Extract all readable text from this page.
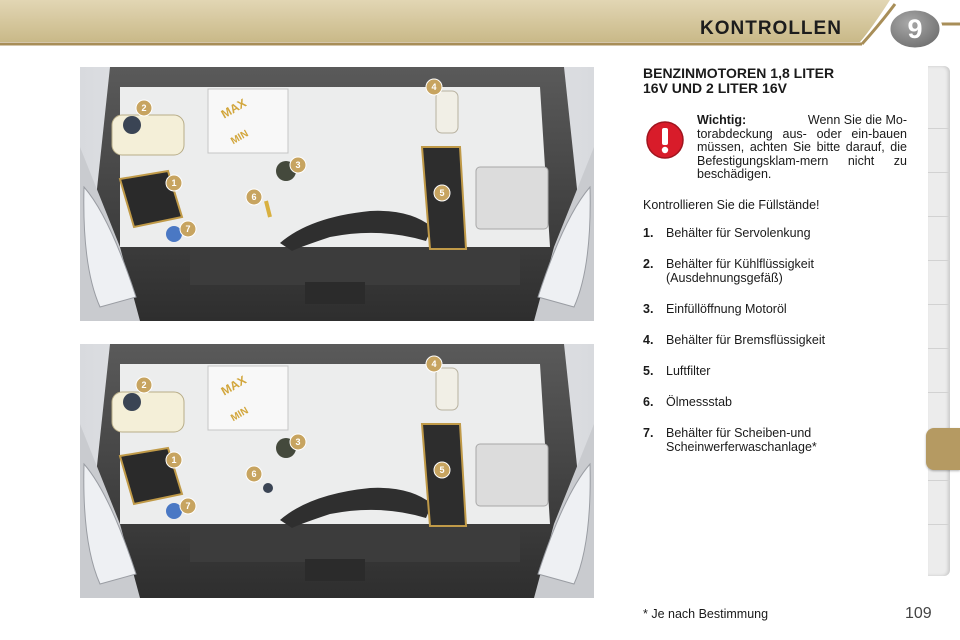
KONTROLLEN	9
MAX
MIN
1
2
3
4
5
6
7
MAX
MIN
1
2
3
4
5
6
7
BENZINMOTOREN 1,8 LITER
16V UND 2 LITER 16V
Wichtig:	Wenn Sie die Mo-

torabdeckung aus- oder ein-bauen müssen, achten Sie bitte darauf, die Befestigungsklam-mern nicht zu beschädigen.
Kontrollieren Sie die Füllstände!
1. Behälter für Servolenkung
2. Behälter für Kühlflüssigkeit
(Ausdehnungsgefäß)
3. Einfüllöffnung Motoröl
4. Behälter für Bremsflüssigkeit
5. Luftfilter
6. Ölmessstab
7. Behälter für Scheiben-und
Scheinwerferwaschanlage*
* Je nach Bestimmung	109
